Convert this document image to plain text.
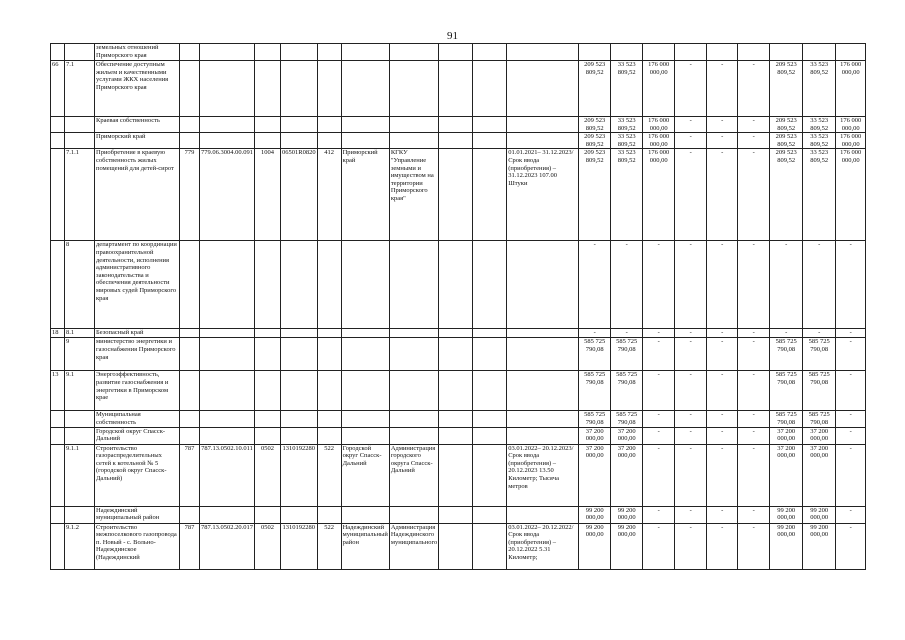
91
		земельных отношений Приморского края																			
66	7.1	Обеспечение доступным жильем и качественными услугами ЖКХ населения Приморского края											209 523 809,52	33 523 809,52	176 000 000,00	-	-	-	209 523 809,52	33 523 809,52	176 000 000,00
		Краевая собственность											209 523 809,52	33 523 809,52	176 000 000,00	-	-	-	209 523 809,52	33 523 809,52	176 000 000,00
		Приморский край											209 523 809,52	33 523 809,52	176 000 000,00	-	-	-	209 523 809,52	33 523 809,52	176 000 000,00
	7.1.1	Приобретение в краевую собственность жилых помещений для детей-сирот	779	779.06.3004.00.091	1004	06501R0820	412	Приморский край	КГКУ "Управление земными и имуществом на территории Приморского края"			01.01.2021– 31.12.2023/ Срок ввода (приобретения) – 31.12.2023 107.00 Штуки	209 523 809,52	33 523 809,52	176 000 000,00	-	-	-	209 523 809,52	33 523 809,52	176 000 000,00
	8	департамент по координации правоохранительной деятельности, исполнения административного законодательства и обеспечения деятельности мировых судей Приморского края											-	-	-	-	-	-	-	-	-
18	8.1	Безопасный край											-	-	-	-	-	-	-	-	-
	9	министерство энергетики и газоснабжения Приморского края											585 725 790,08	585 725 790,08	-	-	-	-	585 725 790,08	585 725 790,08	-
13	9.1	Энергоэффективность, развитие газоснабжения и энергетики в Приморском крае											585 725 790,08	585 725 790,08	-	-	-	-	585 725 790,08	585 725 790,08	-
		Муниципальная собственность											585 725 790,08	585 725 790,08	-	-	-	-	585 725 790,08	585 725 790,08	-
		Городской округ Спасск-Дальний											37 200 000,00	37 200 000,00	-	-	-	-	37 200 000,00	37 200 000,00	-
	9.1.1	Строительство газораспределительных сетей к котельной № 5 (городской округ Спасск-Дальний)	787	787.13.0502.10.011	0502	1310192280	522	Городской округ Спасск-Дальний	Администрация городского округа Спасск-Дальний			03.01.2022– 20.12.2023/ Срок ввода (приобретения) – 20.12.2023 13.50 Километр; Тысяча метров	37 200 000,00	37 200 000,00	-	-	-	-	37 200 000,00	37 200 000,00	-
		Надеждинский муниципальный район											99 200 000,00	99 200 000,00	-	-	-	-	99 200 000,00	99 200 000,00	-
	9.1.2	Строительство межпоселкового газопровода п. Новый - с. Вольно-Надеждинское (Надеждинский	787	787.13.0502.20.017	0502	1310192280	522	Надеждинский муниципальный район	Администрация Надеждинского муниципального			03.01.2022– 20.12.2022/ Срок ввода (приобретения) – 20.12.2022 5.31 Километр;	99 200 000,00	99 200 000,00	-	-	-	-	99 200 000,00	99 200 000,00	-
